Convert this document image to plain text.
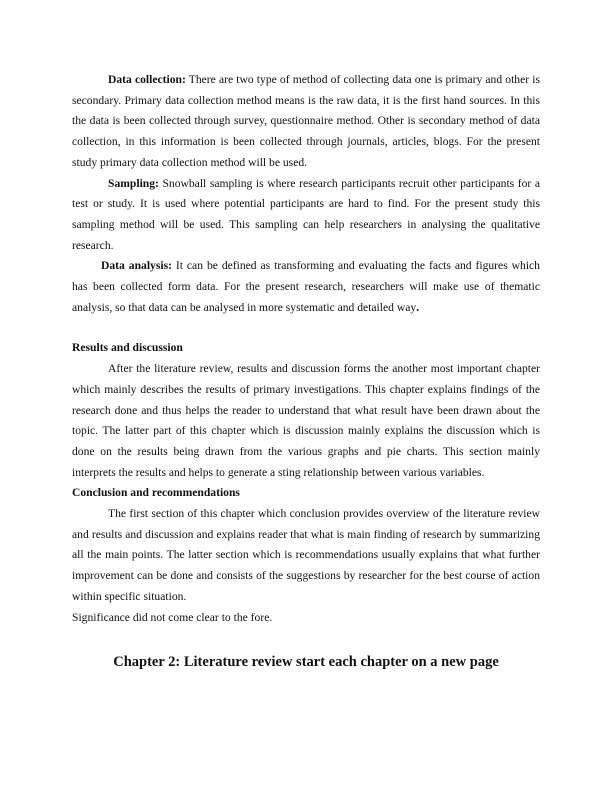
Data collection: There are two type of method of collecting data one is primary and other is secondary. Primary data collection method means is the raw data, it is the first hand sources. In this the data is been collected through survey, questionnaire method. Other is secondary method of data collection, in this information is been collected through journals, articles, blogs. For the present study primary data collection method will be used.

Sampling: Snowball sampling is where research participants recruit other participants for a test or study. It is used where potential participants are hard to find. For the present study this sampling method will be used. This sampling can help researchers in analysing the qualitative research.

Data analysis: It can be defined as transforming and evaluating the facts and figures which has been collected form data. For the present research, researchers will make use of thematic analysis, so that data can be analysed in more systematic and detailed way.

Results and discussion

After the literature review, results and discussion forms the another most important chapter which mainly describes the results of primary investigations. This chapter explains findings of the research done and thus helps the reader to understand that what result have been drawn about the topic. The latter part of this chapter which is discussion mainly explains the discussion which is done on the results being drawn from the various graphs and pie charts. This section mainly interprets the results and helps to generate a sting relationship between various variables.

Conclusion and recommendations

The first section of this chapter which conclusion provides overview of the literature review and results and discussion and explains reader that what is main finding of research by summarizing all the main points. The latter section which is recommendations usually explains that what further improvement can be done and consists of the suggestions by researcher for the best course of action within specific situation.

Significance did not come clear to the fore.

Chapter 2: Literature review start each chapter on a new page
